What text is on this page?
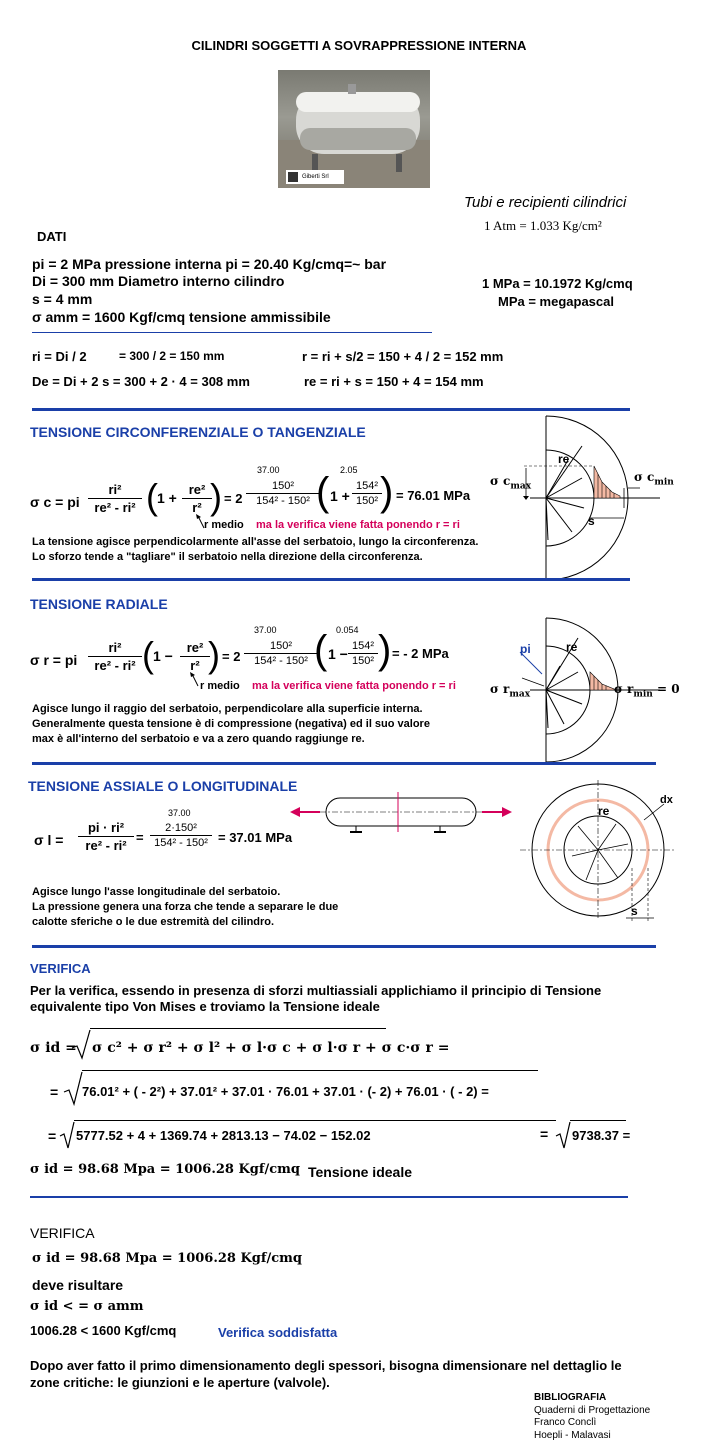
CILINDRI SOGGETTI A SOVRAPPRESSIONE INTERNA
Giberti Srl
Tubi e recipienti cilindrici
1 Atm = 1.033 Kg/cm²
DATI
pi = 2 MPa pressione interna pi = 20.40 Kg/cmq=~ bar
Di = 300 mm Diametro interno cilindro
s = 4 mm
σ amm = 1600 Kgf/cmq tensione ammissibile
1 MPa = 10.1972 Kg/cmq
MPa = megapascal
ri = Di / 2	= 300 / 2 = 150 mm	r = ri + s/2 = 150 + 4 / 2 = 152 mm
De = Di + 2 s = 300 + 2 · 4 = 308 mm	re = ri + s = 150 + 4 = 154 mm
TENSIONE CIRCONFERENZIALE O TANGENZIALE
σ c = pi $\frac{\text{ri²}}{\text{re² - ri²}}$ ( $1 + \frac{\text{re²}}{\text{r²}}$
) = 2
37.00
$\frac{\text{150²}}{\text{154² - 150²}}$
( 1 +
2.05
$\frac{\text{154²}}{\text{150²}}$
) = 76.01 MPa
r medio ma la verifica viene fatta ponendo r = ri
La tensione agisce perpendicolarmente all'asse del serbatoio, lungo la circonferenza.
Lo sforzo tende a "tagliare" il serbatoio nella direzione della circonferenza.
re
σ $c_{max}$
σ $c_{min}$
s
TENSIONE RADIALE
σ r = pi $\frac{\text{ri²}}{\text{re² - ri²}}$ ( $1 - \frac{\text{re²}}{\text{r²}}$
) = 2
37.00
$\frac{\text{150²}}{\text{154² - 150²}}$
( 1 −
0.054
$\frac{\text{154²}}{\text{150²}}$ ) = - 2 MPa
r medio ma la verifica viene fatta ponendo r = ri
Agisce lungo il raggio del serbatoio, perpendicolare alla superficie interna.
Generalmente questa tensione è di compressione (negativa) ed il suo valore
max è all'interno del serbatoio e va a zero quando raggiunge re.
pi	re
σ $r_{max}$	σ $r_{min} = 0$
TENSIONE ASSIALE O LONGITUDINALE
σ $l = \frac{\text{pi · ri²}}{\text{re² - ri²}}$ =
37.00
$\frac{\text{2·150²}}{\text{154² - 150²}} = 37.01$ MPa
Agisce lungo l'asse longitudinale del serbatoio.
La pressione genera una forza che tende a separare le due
calotte sferiche o le due estremità del cilindro.
dx
re
s
VERIFICA
Per la verifica, essendo in presenza di sforzi multiassiali applichiamo il principio di Tensione
equivalente tipo Von Mises e troviamo la Tensione ideale
σ id = σ c² + σ r² + σ l² + σ l·σ c + σ l·σ r + σ c·σ r =
= 76.01² + ( - 2²) + 37.01² + 37.01 · 76.01 + 37.01 · (- 2) + 76.01 · ( - 2) =
= 5777.52 + 4 + 1369.74 + 2813.13 − 74.02 − 152.02	= 9738.37 =
σ id = 98.68 Mpa = 1006.28 Kgf/cmq Tensione ideale
VERIFICA
σ id = 98.68 Mpa = 1006.28 Kgf/cmq
deve risultare
σ id < = σ amm
1006.28 < 1600 Kgf/cmq	Verifica soddisfatta
Dopo aver fatto il primo dimensionamento degli spessori, bisogna dimensionare nel dettaglio le
zone critiche: le giunzioni e le aperture (valvole).
BIBLIOGRAFIA
Quaderni di Progettazione
Franco Conclì
Hoepli - Malavasi
